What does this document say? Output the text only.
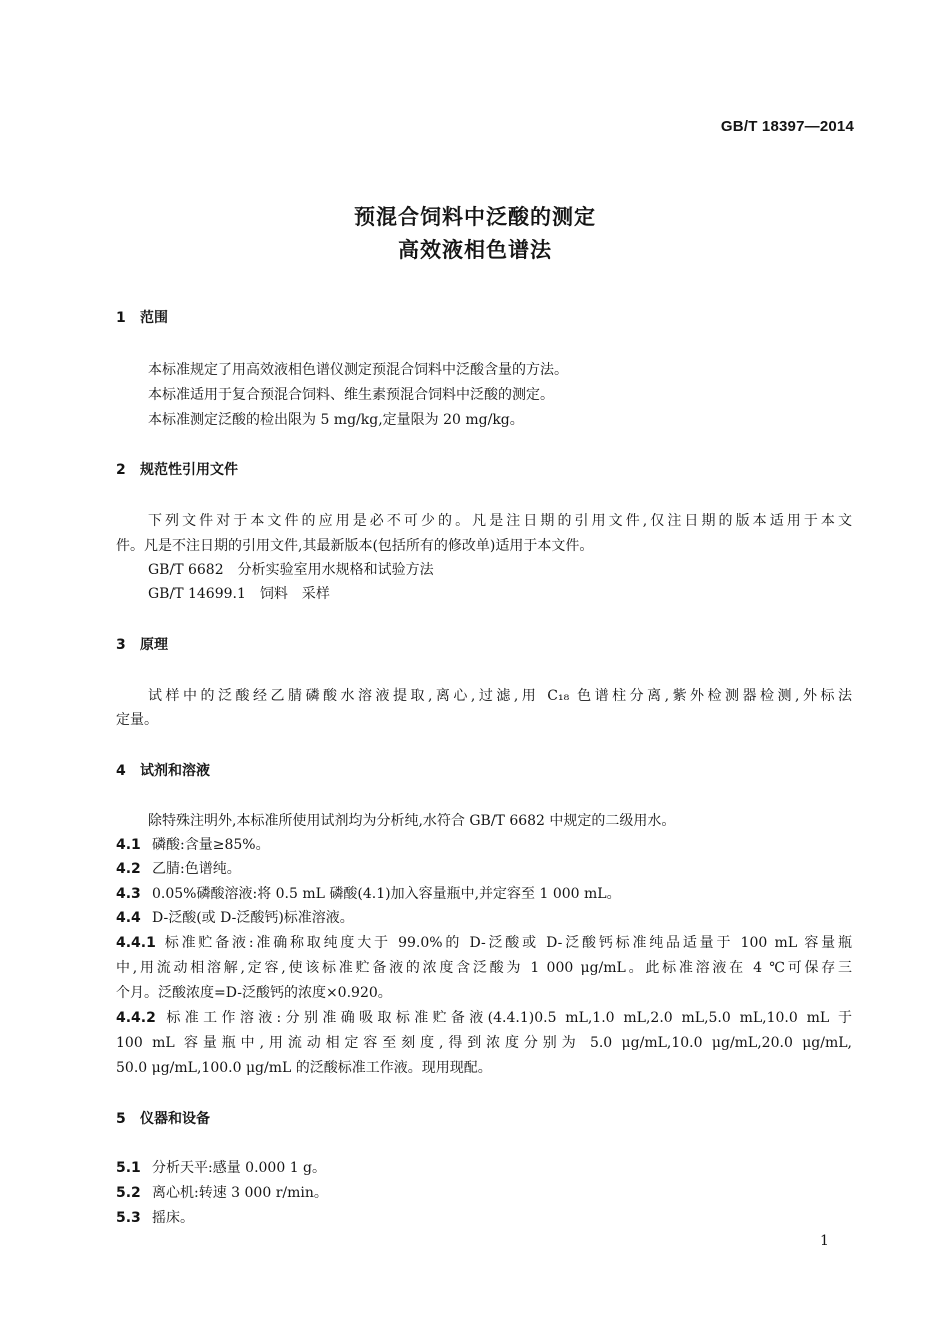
GB/T 18397—2014
预混合饲料中泛酸的测定
高效液相色谱法
1 范围
本标准规定了用高效液相色谱仪测定预混合饲料中泛酸含量的方法。
本标准适用于复合预混合饲料、维生素预混合饲料中泛酸的测定。
本标准测定泛酸的检出限为 5 mg/kg,定量限为 20 mg/kg。
2 规范性引用文件
下列文件对于本文件的应用是必不可少的。凡是注日期的引用文件,仅注日期的版本适用于本文
件。凡是不注日期的引用文件,其最新版本(包括所有的修改单)适用于本文件。
GB/T 6682　分析实验室用水规格和试验方法
GB/T 14699.1　饲料　采样
3 原理
试样中的泛酸经乙腈磷酸水溶液提取,离心,过滤,用 C₁₈ 色谱柱分离,紫外检测器检测,外标法
定量。
4 试剂和溶液
除特殊注明外,本标准所使用试剂均为分析纯,水符合 GB/T 6682 中规定的二级用水。
4.1 磷酸:含量≥85%。
4.2 乙腈:色谱纯。
4.3 0.05%磷酸溶液:将 0.5 mL 磷酸(4.1)加入容量瓶中,并定容至 1 000 mL。
4.4 D-泛酸(或 D-泛酸钙)标准溶液。
4.4.1 标准贮备液:准确称取纯度大于 99.0%的 D-泛酸或 D-泛酸钙标准纯品适量于 100 mL 容量瓶
中,用流动相溶解,定容,使该标准贮备液的浓度含泛酸为 1 000 μg/mL。此标准溶液在 4 ℃可保存三
个月。泛酸浓度=D-泛酸钙的浓度×0.920。
4.4.2 标准工作溶液:分别准确吸取标准贮备液(4.4.1)0.5 mL,1.0 mL,2.0 mL,5.0 mL,10.0 mL 于
100 mL 容量瓶中,用流动相定容至刻度,得到浓度分别为 5.0 μg/mL,10.0 μg/mL,20.0 μg/mL,
50.0 μg/mL,100.0 μg/mL 的泛酸标准工作液。现用现配。
5 仪器和设备
5.1 分析天平:感量 0.000 1 g。
5.2 离心机:转速 3 000 r/min。
5.3 摇床。
1
